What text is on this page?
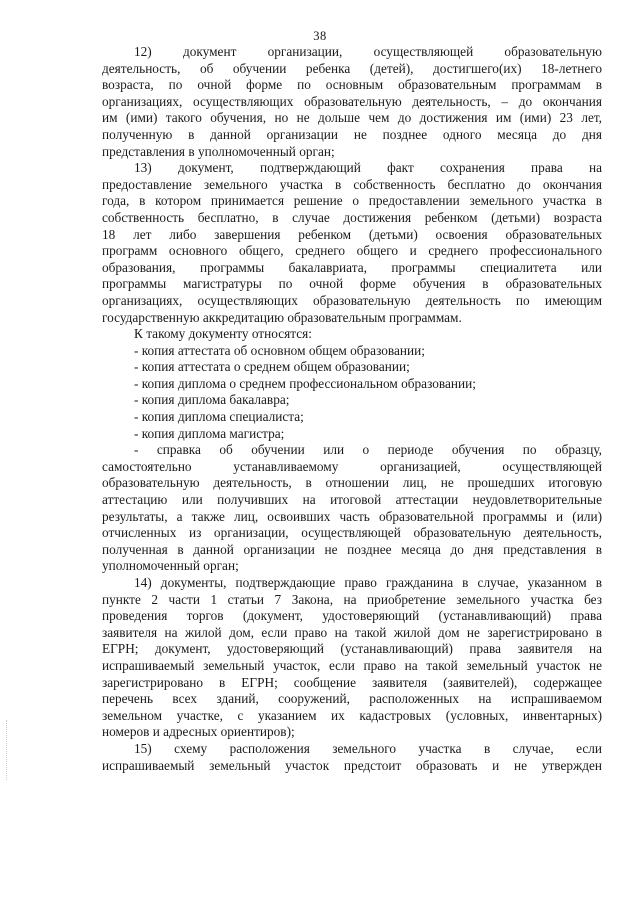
38
12) документ организации, осуществляющей образовательную
деятельность, об обучении ребенка (детей), достигшего(их) 18-летнего
возраста, по очной форме по основным образовательным программам в
организациях, осуществляющих образовательную деятельность, – до окончания
им (ими) такого обучения, но не дольше чем до достижения им (ими) 23 лет,
полученную в данной организации не позднее одного месяца до дня
представления в уполномоченный орган;
13) документ, подтверждающий факт сохранения права на
предоставление земельного участка в собственность бесплатно до окончания
года, в котором принимается решение о предоставлении земельного участка в
собственность бесплатно, в случае достижения ребенком (детьми) возраста
18 лет либо завершения ребенком (детьми) освоения образовательных
программ основного общего, среднего общего и среднего профессионального
образования, программы бакалавриата, программы специалитета или
программы магистратуры по очной форме обучения в образовательных
организациях, осуществляющих образовательную деятельность по имеющим
государственную аккредитацию образовательным программам.
К такому документу относятся:
- копия аттестата об основном общем образовании;
- копия аттестата о среднем общем образовании;
- копия диплома о среднем профессиональном образовании;
- копия диплома бакалавра;
- копия диплома специалиста;
- копия диплома магистра;
- справка об обучении или о периоде обучения по образцу,
самостоятельно устанавливаемому организацией, осуществляющей
образовательную деятельность, в отношении лиц, не прошедших итоговую
аттестацию или получивших на итоговой аттестации неудовлетворительные
результаты, а также лиц, освоивших часть образовательной программы и (или)
отчисленных из организации, осуществляющей образовательную деятельность,
полученная в данной организации не позднее месяца до дня представления в
уполномоченный орган;
14) документы, подтверждающие право гражданина в случае, указанном в
пункте 2 части 1 статьи 7 Закона, на приобретение земельного участка без
проведения торгов (документ, удостоверяющий (устанавливающий) права
заявителя на жилой дом, если право на такой жилой дом не зарегистрировано в
ЕГРН; документ, удостоверяющий (устанавливающий) права заявителя на
испрашиваемый земельный участок, если право на такой земельный участок не
зарегистрировано в ЕГРН; сообщение заявителя (заявителей), содержащее
перечень всех зданий, сооружений, расположенных на испрашиваемом
земельном участке, с указанием их кадастровых (условных, инвентарных)
номеров и адресных ориентиров);
15) схему расположения земельного участка в случае, если
испрашиваемый земельный участок предстоит образовать и не утвержден
